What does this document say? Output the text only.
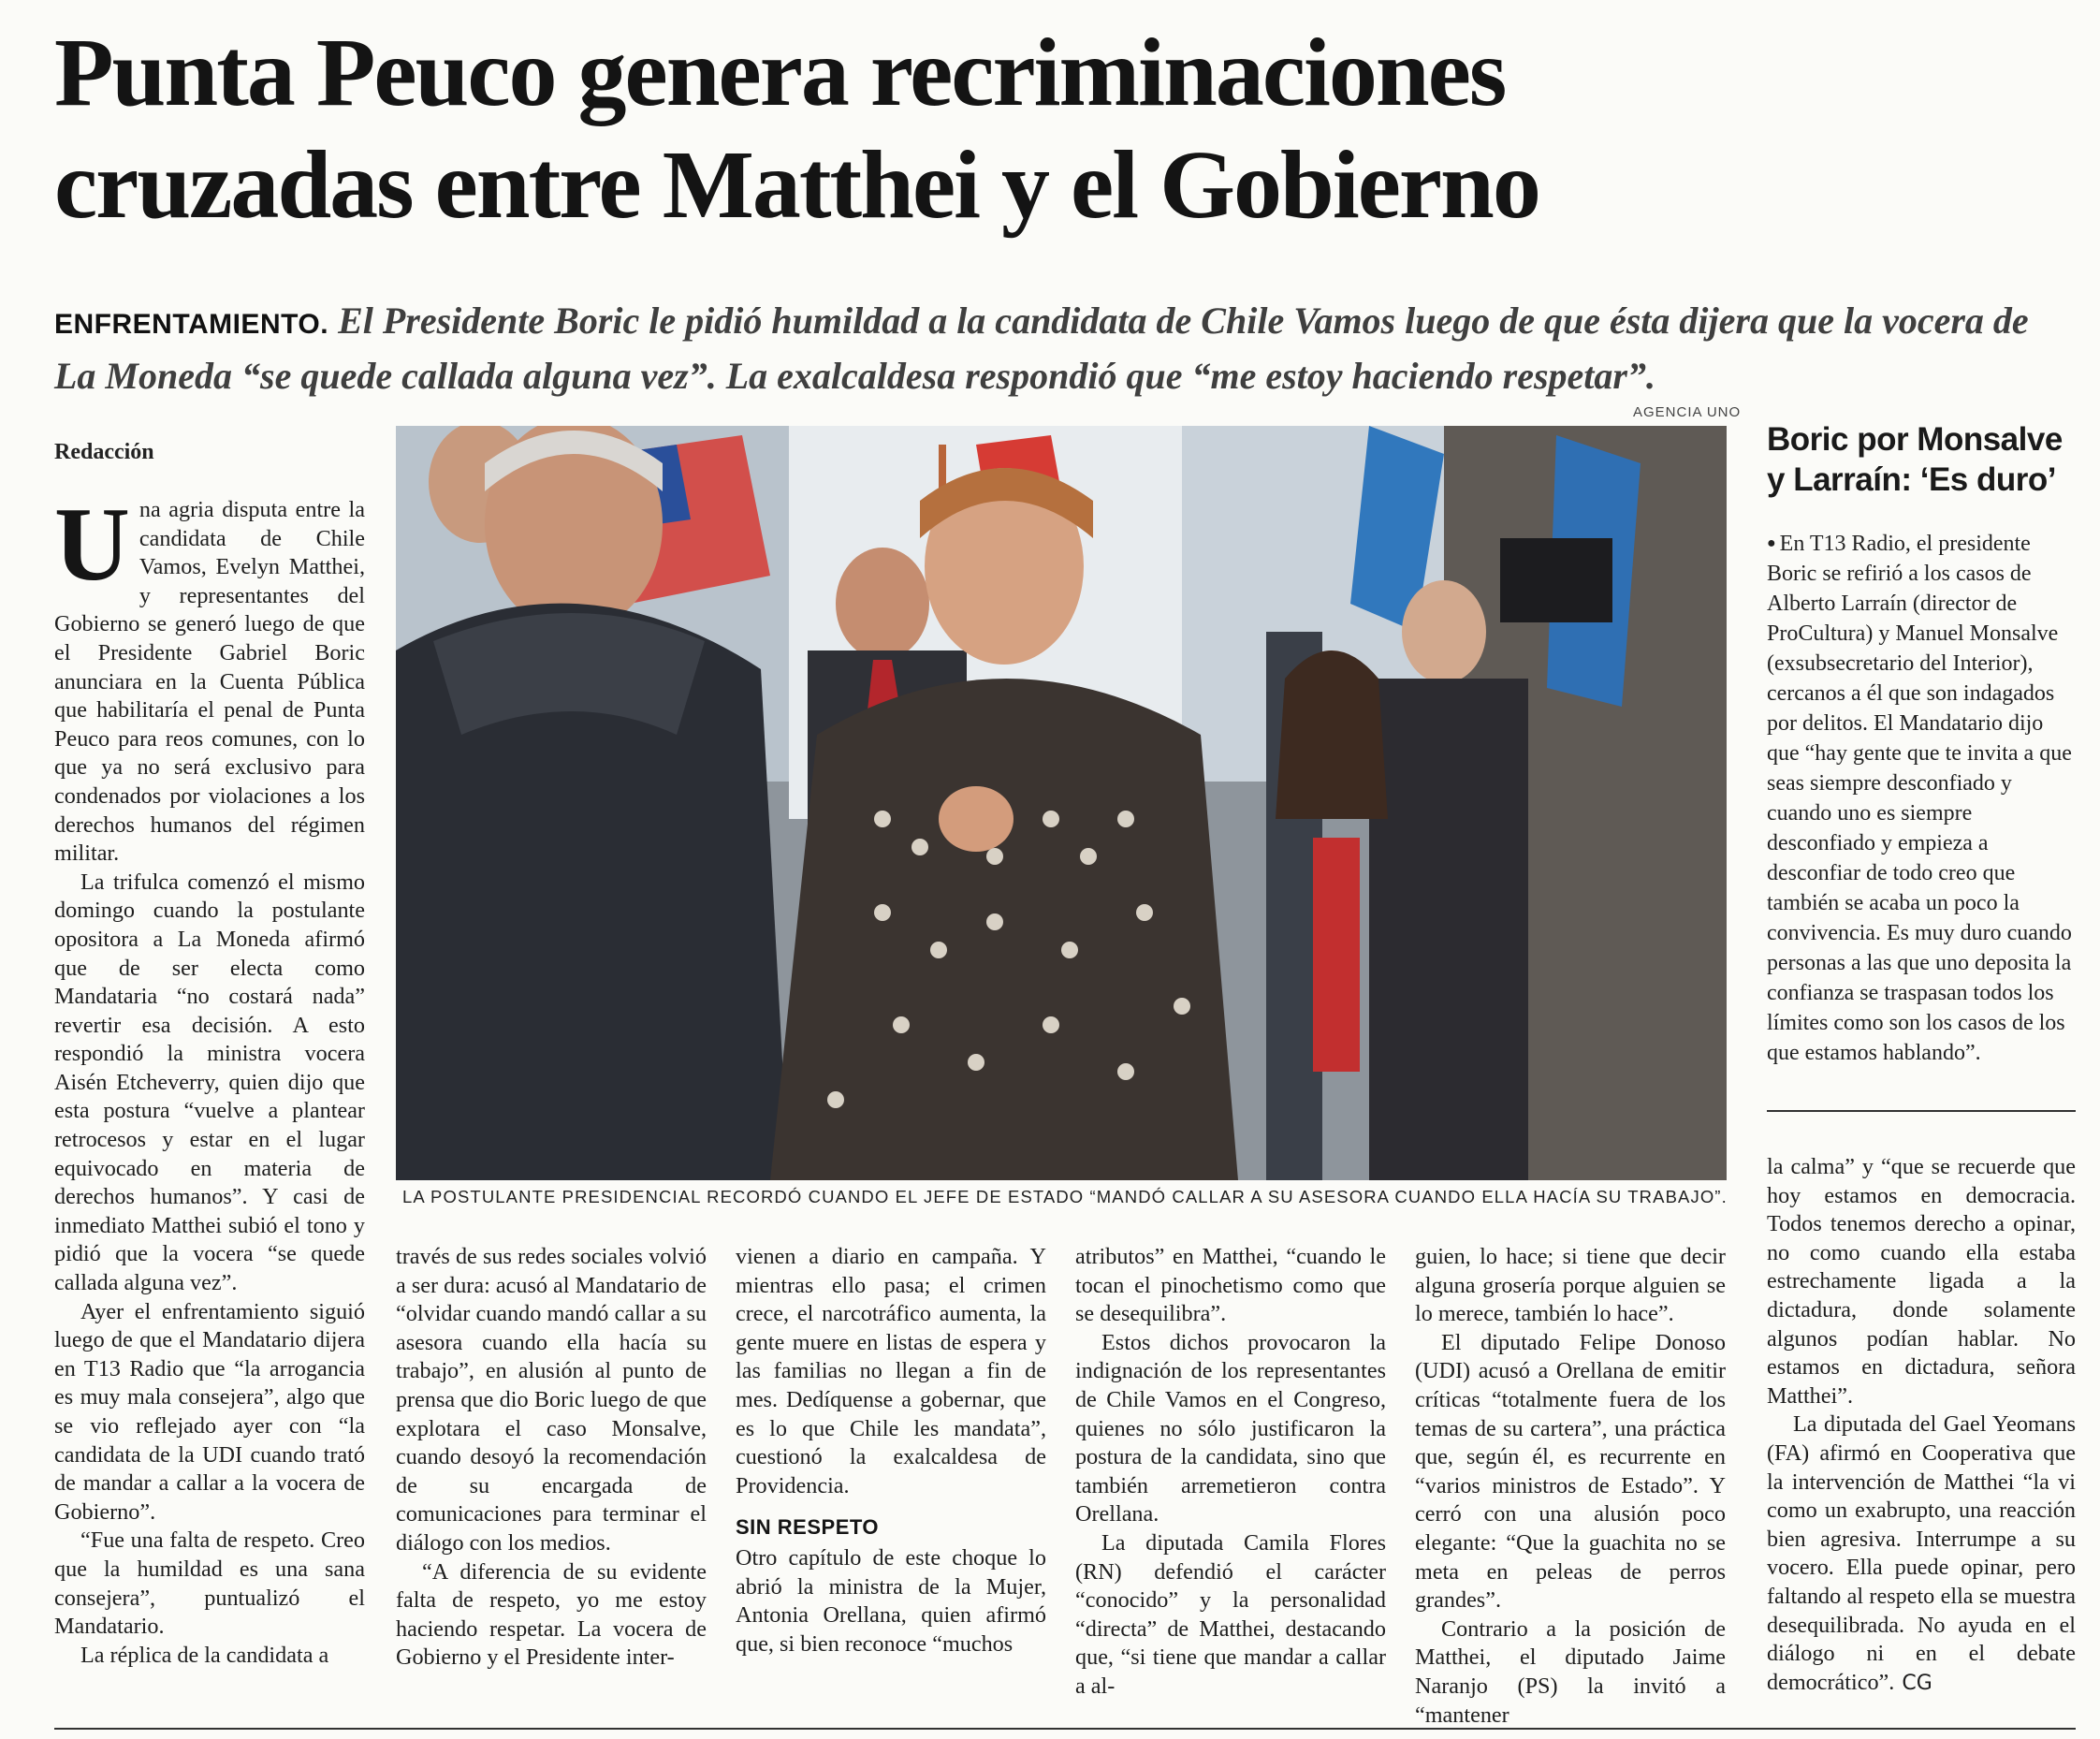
Punta Peuco genera recriminaciones
cruzadas entre Matthei y el Gobierno

ENFRENTAMIENTO. El Presidente Boric le pidió humildad a la candidata de Chile Vamos luego de que ésta dijera que la vocera de La Moneda “se quede callada alguna vez”. La exalcaldesa respondió que “me estoy haciendo respetar”.

Redacción

Una agria disputa entre la candidata de Chile Vamos, Evelyn Matthei, y representantes del Gobierno se generó luego de que el Presidente Gabriel Boric anunciara en la Cuenta Pública que habilitaría el penal de Punta Peuco para reos comunes, con lo que ya no será exclusivo para condenados por violaciones a los derechos humanos del régimen militar.

La trifulca comenzó el mismo domingo cuando la postulante opositora a La Moneda afirmó que de ser electa como Mandataria “no costará nada” revertir esa decisión. A esto respondió la ministra vocera Aisén Etcheverry, quien dijo que esta postura “vuelve a plantear retrocesos y estar en el lugar equivocado en materia de derechos humanos”. Y casi de inmediato Matthei subió el tono y pidió que la vocera “se quede callada alguna vez”.

Ayer el enfrentamiento siguió luego de que el Mandatario dijera en T13 Radio que “la arrogancia es muy mala consejera”, algo que se vio reflejado ayer con “la candidata de la UDI cuando trató de mandar a callar a la vocera de Gobierno”.

“Fue una falta de respeto. Creo que la humildad es una sana consejera”, puntualizó el Mandatario.

La réplica de la candidata a

AGENCIA UNO
LA POSTULANTE PRESIDENCIAL RECORDÓ CUANDO EL JEFE DE ESTADO “MANDÓ CALLAR A SU ASESORA CUANDO ELLA HACÍA SU TRABAJO”.
Boric por Monsalve y Larraín: ‘Es duro’

● En T13 Radio, el presidente Boric se refirió a los casos de Alberto Larraín (director de ProCultura) y Manuel Monsalve (exsubsecretario del Interior), cercanos a él que son indagados por delitos. El Mandatario dijo que “hay gente que te invita a que seas siempre desconfiado y cuando uno es siempre desconfiado y empieza a desconfiar de todo creo que también se acaba un poco la convivencia. Es muy duro cuando personas a las que uno deposita la confianza se traspasan todos los límites como son los casos de los que estamos hablando”.

través de sus redes sociales volvió a ser dura: acusó al Mandatario de “olvidar cuando mandó callar a su asesora cuando ella hacía su trabajo”, en alusión al punto de prensa que dio Boric luego de que explotara el caso Monsalve, cuando desoyó la recomendación de su encargada de comunicaciones para terminar el diálogo con los medios.

“A diferencia de su evidente falta de respeto, yo me estoy haciendo respetar. La vocera de Gobierno y el Presidente inter-

vienen a diario en campaña. Y mientras ello pasa; el crimen crece, el narcotráfico aumenta, la gente muere en listas de espera y las familias no llegan a fin de mes. Dedíquense a gobernar, que es lo que Chile les mandata”, cuestionó la exalcaldesa de Providencia.

SIN RESPETO

Otro capítulo de este choque lo abrió la ministra de la Mujer, Antonia Orellana, quien afirmó que, si bien reconoce “muchos

atributos” en Matthei, “cuando le tocan el pinochetismo como que se desequilibra”.

Estos dichos provocaron la indignación de los representantes de Chile Vamos en el Congreso, quienes no sólo justificaron la postura de la candidata, sino que también arremetieron contra Orellana.

La diputada Camila Flores (RN) defendió el carácter “conocido” y la personalidad “directa” de Matthei, destacando que, “si tiene que mandar a callar a al-

guien, lo hace; si tiene que decir alguna grosería porque alguien se lo merece, también lo hace”.

El diputado Felipe Donoso (UDI) acusó a Orellana de emitir críticas “totalmente fuera de los temas de su cartera”, una práctica que, según él, es recurrente en “varios ministros de Estado”. Y cerró con una alusión poco elegante: “Que la guachita no se meta en peleas de perros grandes”.

Contrario a la posición de Matthei, el diputado Jaime Naranjo (PS) la invitó a “mantener

la calma” y “que se recuerde que hoy estamos en democracia. Todos tenemos derecho a opinar, no como cuando ella estaba estrechamente ligada a la dictadura, donde solamente algunos podían hablar. No estamos en dictadura, señora Matthei”.

La diputada del Gael Yeomans (FA) afirmó en Cooperativa que la intervención de Matthei “la vi como un exabrupto, una reacción bien agresiva. Interrumpe a su vocero. Ella puede opinar, pero faltando al respeto ella se muestra desequilibrada. No ayuda en el diálogo ni en el debate democrático”. CG
